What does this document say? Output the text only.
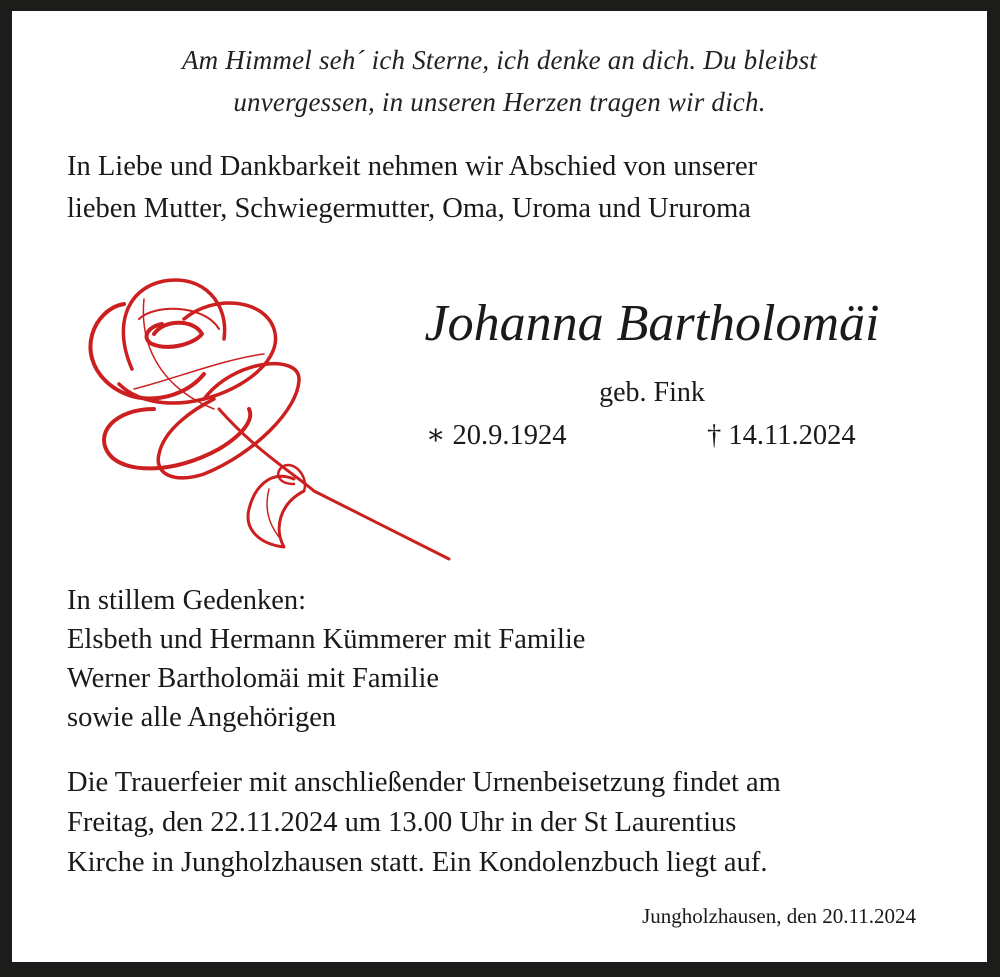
Am Himmel seh´ ich Sterne, ich denke an dich. Du bleibst
unvergessen, in unseren Herzen tragen wir dich.
In Liebe und Dankbarkeit nehmen wir Abschied von unserer
lieben Mutter, Schwiegermutter, Oma, Uroma und Ururoma
Johanna Bartholomäi
geb. Fink
∗ 20.9.1924	† 14.11.2024
In stillem Gedenken:
Elsbeth und Hermann Kümmerer mit Familie
Werner Bartholomäi mit Familie
sowie alle Angehörigen
Die Trauerfeier mit anschließender Urnenbeisetzung findet am
Freitag, den 22.11.2024 um 13.00 Uhr in der St Laurentius
Kirche in Jungholzhausen statt. Ein Kondolenzbuch liegt auf.
Jungholzhausen, den 20.11.2024
